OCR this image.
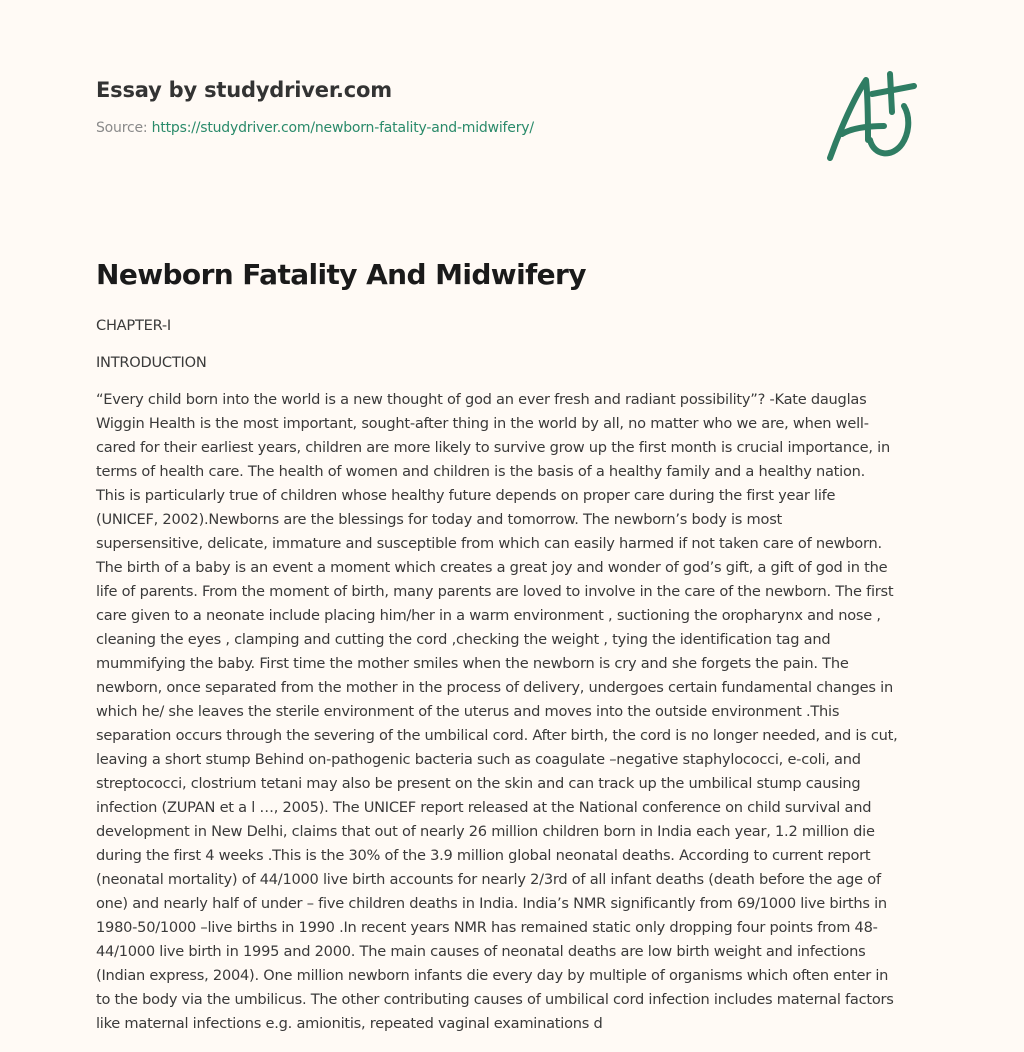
Essay by studydriver.com
Source: https://studydriver.com/newborn-fatality-and-midwifery/
Newborn Fatality And Midwifery

CHAPTER-I

INTRODUCTION

“Every child born into the world is a new thought of god an ever fresh and radiant possibility”? -Kate dauglas
Wiggin Health is the most important, sought-after thing in the world by all, no matter who we are, when well-
cared for their earliest years, children are more likely to survive grow up the first month is crucial importance, in
terms of health care. The health of women and children is the basis of a healthy family and a healthy nation.
This is particularly true of children whose healthy future depends on proper care during the first year life
(UNICEF, 2002).Newborns are the blessings for today and tomorrow. The newborn’s body is most
supersensitive, delicate, immature and susceptible from which can easily harmed if not taken care of newborn.
The birth of a baby is an event a moment which creates a great joy and wonder of god’s gift, a gift of god in the
life of parents. From the moment of birth, many parents are loved to involve in the care of the newborn. The first
care given to a neonate include placing him/her in a warm environment , suctioning the oropharynx and nose ,
cleaning the eyes , clamping and cutting the cord ,checking the weight , tying the identification tag and
mummifying the baby. First time the mother smiles when the newborn is cry and she forgets the pain. The
newborn, once separated from the mother in the process of delivery, undergoes certain fundamental changes in
which he/ she leaves the sterile environment of the uterus and moves into the outside environment .This
separation occurs through the severing of the umbilical cord. After birth, the cord is no longer needed, and is cut,
leaving a short stump Behind on-pathogenic bacteria such as coagulate –negative staphylococci, e-coli, and
streptococci, clostrium tetani may also be present on the skin and can track up the umbilical stump causing
infection (ZUPAN et a l …, 2005). The UNICEF report released at the National conference on child survival and
development in New Delhi, claims that out of nearly 26 million children born in India each year, 1.2 million die
during the first 4 weeks .This is the 30% of the 3.9 million global neonatal deaths. According to current report
(neonatal mortality) of 44/1000 live birth accounts for nearly 2/3rd of all infant deaths (death before the age of
one) and nearly half of under – five children deaths in India. India’s NMR significantly from 69/1000 live births in
1980-50/1000 –live births in 1990 .In recent years NMR has remained static only dropping four points from 48-
44/1000 live birth in 1995 and 2000. The main causes of neonatal deaths are low birth weight and infections
(Indian express, 2004). One million newborn infants die every day by multiple of organisms which often enter in
to the body via the umbilicus. The other contributing causes of umbilical cord infection includes maternal factors
like maternal infections e.g. amionitis, repeated vaginal examinations d
